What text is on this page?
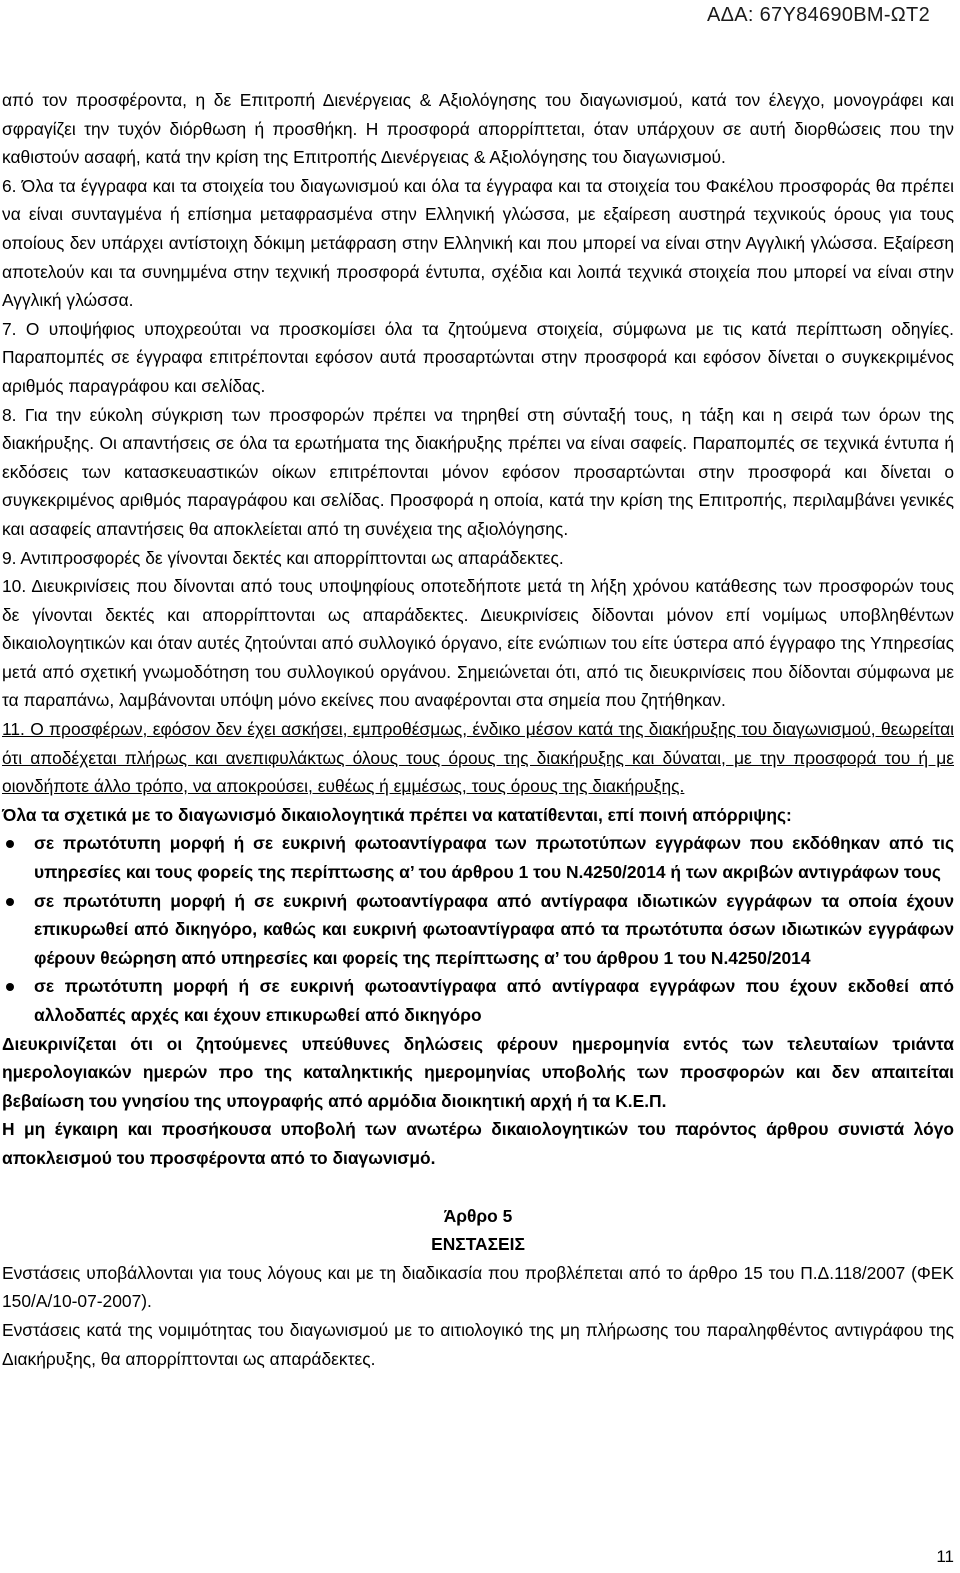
ΑΔΑ: 67Υ84690ΒΜ-ΩΤ2

από τον προσφέροντα, η δε Επιτροπή Διενέργειας & Αξιολόγησης του διαγωνισμού, κατά τον έλεγχο, μονογράφει και σφραγίζει την τυχόν διόρθωση ή προσθήκη. Η προσφορά απορρίπτεται, όταν υπάρχουν σε αυτή διορθώσεις που την καθιστούν ασαφή, κατά την κρίση της Επιτροπής Διενέργειας & Αξιολόγησης του διαγωνισμού.

6. Όλα τα έγγραφα και τα στοιχεία του διαγωνισμού και όλα τα έγγραφα και τα στοιχεία του Φακέλου προσφοράς θα πρέπει να είναι συνταγμένα ή επίσημα μεταφρασμένα στην Ελληνική γλώσσα, με εξαίρεση αυστηρά τεχνικούς όρους για τους οποίους δεν υπάρχει αντίστοιχη δόκιμη μετάφραση στην Ελληνική και που μπορεί να είναι στην Αγγλική γλώσσα. Εξαίρεση αποτελούν και τα συνημμένα στην τεχνική προσφορά έντυπα, σχέδια και λοιπά τεχνικά στοιχεία που μπορεί να είναι στην Αγγλική γλώσσα.

7. Ο υποψήφιος υποχρεούται να προσκομίσει όλα τα ζητούμενα στοιχεία, σύμφωνα με τις κατά περίπτωση οδηγίες. Παραπομπές σε έγγραφα επιτρέπονται εφόσον αυτά προσαρτώνται στην προσφορά και εφόσον δίνεται ο συγκεκριμένος αριθμός παραγράφου και σελίδας.

8. Για την εύκολη σύγκριση των προσφορών πρέπει να τηρηθεί στη σύνταξή τους, η τάξη και η σειρά των όρων της διακήρυξης. Οι απαντήσεις σε όλα τα ερωτήματα της διακήρυξης πρέπει να είναι σαφείς. Παραπομπές σε τεχνικά έντυπα ή εκδόσεις των κατασκευαστικών οίκων επιτρέπονται μόνον εφόσον προσαρτώνται στην προσφορά και δίνεται ο συγκεκριμένος αριθμός παραγράφου και σελίδας. Προσφορά η οποία, κατά την κρίση της Επιτροπής, περιλαμβάνει γενικές και ασαφείς απαντήσεις θα αποκλείεται από τη συνέχεια της αξιολόγησης.

9. Αντιπροσφορές δε γίνονται δεκτές και απορρίπτονται ως απαράδεκτες.

10. Διευκρινίσεις που δίνονται από τους υποψηφίους οποτεδήποτε μετά τη λήξη χρόνου κατάθεσης των προσφορών τους δε γίνονται δεκτές και απορρίπτονται ως απαράδεκτες. Διευκρινίσεις δίδονται μόνον επί νομίμως υποβληθέντων δικαιολογητικών και όταν αυτές ζητούνται από συλλογικό όργανο, είτε ενώπιων του είτε ύστερα από έγγραφο της Υπηρεσίας μετά από σχετική γνωμοδότηση του συλλογικού οργάνου. Σημειώνεται ότι, από τις διευκρινίσεις που δίδονται σύμφωνα με τα παραπάνω, λαμβάνονται υπόψη μόνο εκείνες που αναφέρονται στα σημεία που ζητήθηκαν.

11. Ο προσφέρων, εφόσον δεν έχει ασκήσει, εμπροθέσμως, ένδικο μέσον κατά της διακήρυξης του διαγωνισμού, θεωρείται ότι αποδέχεται πλήρως και ανεπιφυλάκτως όλους τους όρους της διακήρυξης και δύναται, με την προσφορά του ή με οιονδήποτε άλλο τρόπο, να αποκρούσει, ευθέως ή εμμέσως, τους όρους της διακήρυξης.

Όλα τα σχετικά με το διαγωνισμό δικαιολογητικά πρέπει να κατατίθενται, επί ποινή απόρριψης:

σε πρωτότυπη μορφή ή σε ευκρινή φωτοαντίγραφα των πρωτοτύπων εγγράφων που εκδόθηκαν από τις υπηρεσίες και τους φορείς της περίπτωσης α’ του άρθρου 1 του Ν.4250/2014 ή των ακριβών αντιγράφων τους
σε πρωτότυπη μορφή ή σε ευκρινή φωτοαντίγραφα από αντίγραφα ιδιωτικών εγγράφων τα οποία έχουν επικυρωθεί από δικηγόρο, καθώς και ευκρινή φωτοαντίγραφα από τα πρωτότυπα όσων ιδιωτικών εγγράφων φέρουν θεώρηση από υπηρεσίες και φορείς της περίπτωσης α’ του άρθρου 1 του Ν.4250/2014
σε πρωτότυπη μορφή ή σε ευκρινή φωτοαντίγραφα από αντίγραφα εγγράφων που έχουν εκδοθεί από αλλοδαπές αρχές και έχουν επικυρωθεί από δικηγόρο

Διευκρινίζεται ότι οι ζητούμενες υπεύθυνες δηλώσεις φέρουν ημερομηνία εντός των τελευταίων τριάντα ημερολογιακών ημερών προ της καταληκτικής ημερομηνίας υποβολής των προσφορών και δεν απαιτείται βεβαίωση του γνησίου της υπογραφής από αρμόδια διοικητική αρχή ή τα Κ.Ε.Π.

Η μη έγκαιρη και προσήκουσα υποβολή των ανωτέρω δικαιολογητικών του παρόντος άρθρου συνιστά λόγο αποκλεισμού του προσφέροντα από το διαγωνισμό.

Άρθρο 5

ΕΝΣΤΑΣΕΙΣ

Ενστάσεις υποβάλλονται για τους λόγους και με τη διαδικασία που προβλέπεται από το άρθρο 15 του Π.Δ.118/2007 (ΦΕΚ 150/Α/10-07-2007).

Ενστάσεις κατά της νομιμότητας του διαγωνισμού με το αιτιολογικό της μη πλήρωσης του παραληφθέντος αντιγράφου της Διακήρυξης, θα απορρίπτονται ως απαράδεκτες.

11
